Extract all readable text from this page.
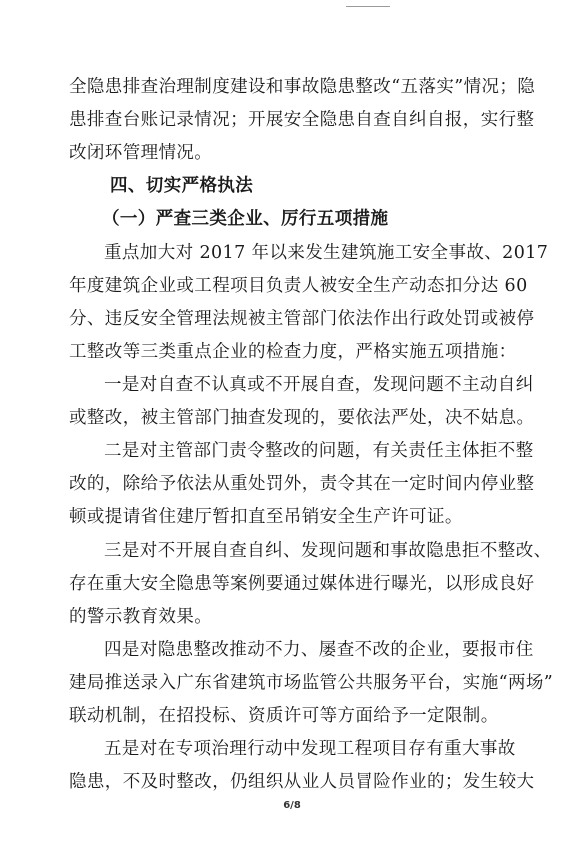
全隐患排查治理制度建设和事故隐患整改“五落实”情况；隐
患排查台账记录情况；开展安全隐患自查自纠自报，实行整
改闭环管理情况。
四、切实严格执法
（一）严查三类企业、厉行五项措施
重点加大对 2017 年以来发生建筑施工安全事故、2017
年度建筑企业或工程项目负责人被安全生产动态扣分达 60
分、违反安全管理法规被主管部门依法作出行政处罚或被停
工整改等三类重点企业的检查力度，严格实施五项措施：
一是对自查不认真或不开展自查，发现问题不主动自纠
或整改，被主管部门抽查发现的，要依法严处，决不姑息。
二是对主管部门责令整改的问题，有关责任主体拒不整
改的，除给予依法从重处罚外，责令其在一定时间内停业整
顿或提请省住建厅暂扣直至吊销安全生产许可证。
三是对不开展自查自纠、发现问题和事故隐患拒不整改、
存在重大安全隐患等案例要通过媒体进行曝光，以形成良好
的警示教育效果。
四是对隐患整改推动不力、屡查不改的企业，要报市住
建局推送录入广东省建筑市场监管公共服务平台，实施“两场”
联动机制，在招投标、资质许可等方面给予一定限制。
五是对在专项治理行动中发现工程项目存有重大事故
隐患，不及时整改，仍组织从业人员冒险作业的；发生较大
6/8
